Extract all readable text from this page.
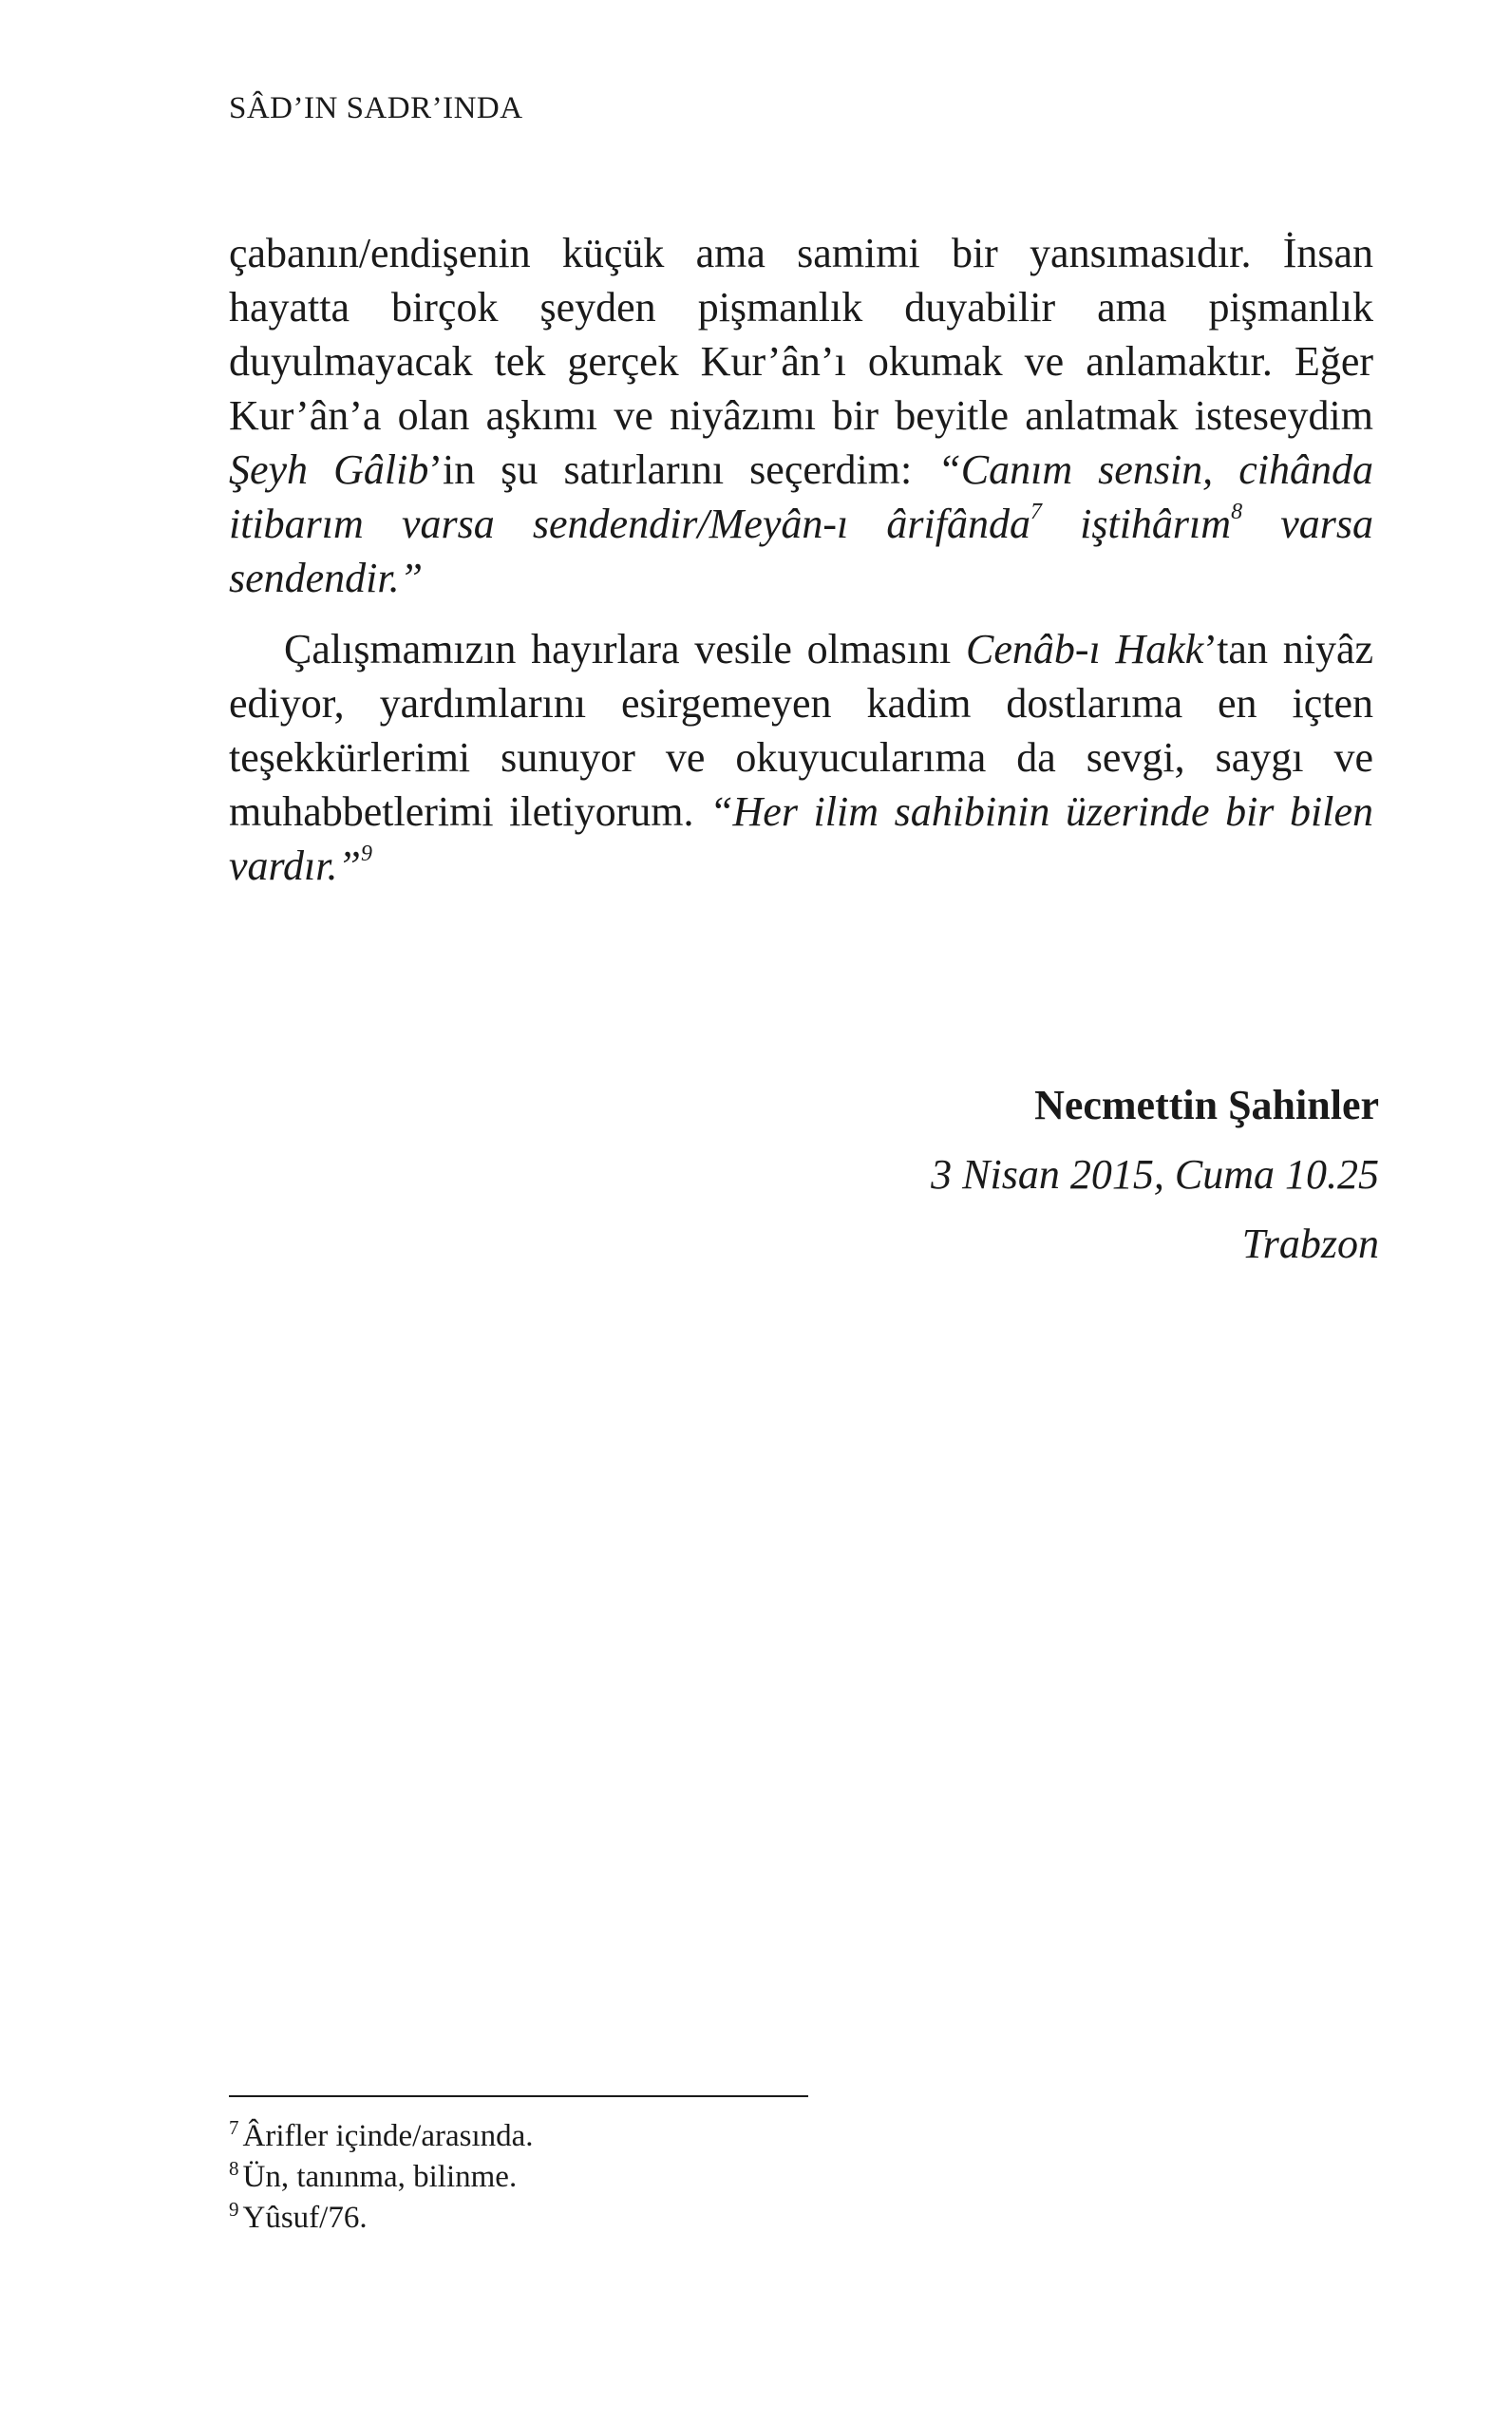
SÂD’IN SADR’INDA

çabanın/endişenin küçük ama samimi bir yansımasıdır. İnsan hayatta birçok şeyden pişmanlık duyabilir ama pişmanlık duyulmayacak tek gerçek Kur’ân’ı okumak ve anlamaktır. Eğer Kur’ân’a olan aşkımı ve niyâzımı bir beyitle anlatmak isteseydim Şeyh Gâlib’in şu satırlarını seçerdim: “Canım sensin, cihânda itibarım varsa sendendir/Meyân-ı ârifânda$^7$ iştihârım$^8$ varsa sendendir.”

Çalışmamızın hayırlara vesile olmasını Cenâb-ı Hakk’tan niyâz ediyor, yardımlarını esirgemeyen kadim dostlarıma en içten teşekkürlerimi sunuyor ve okuyucularıma da sevgi, saygı ve muhabbetlerimi iletiyorum. “Her ilim sahibinin üzerinde bir bilen vardır.”$^9$

Necmettin Şahinler
3 Nisan 2015, Cuma 10.25
Trabzon

$^7$ Ârifler içinde/arasında.

$^8$ Ün, tanınma, bilinme.

$^9$ Yûsuf/76.
